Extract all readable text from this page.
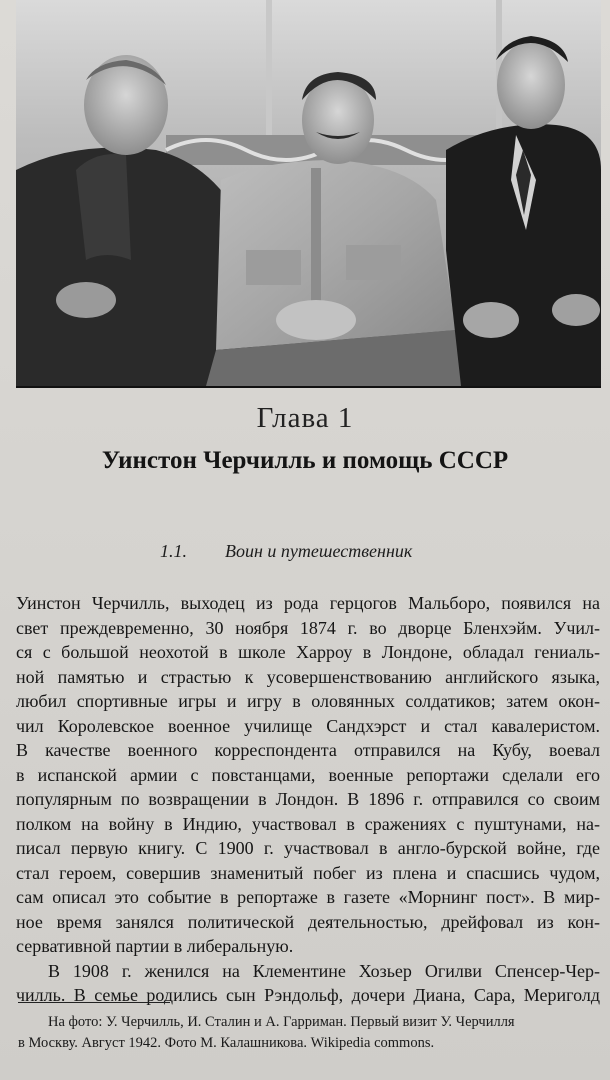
Глава 1
Уинстон Черчилль и помощь СССР
1.1. Воин и путешественник
Уинстон Черчилль, выходец из рода герцогов Мальборо, появился на
свет преждевременно, 30 ноября 1874 г. во дворце Бленхэйм. Учил-
ся с большой неохотой в школе Харроу в Лондоне, обладал гениаль-
ной памятью и страстью к усовершенствованию английского языка,
любил спортивные игры и игру в оловянных солдатиков; затем окон-
чил Королевское военное училище Сандхэрст и стал кавалеристом.
В качестве военного корреспондента отправился на Кубу, воевал
в испанской армии с повстанцами, военные репортажи сделали его
популярным по возвращении в Лондон. В 1896 г. отправился со своим
полком на войну в Индию, участвовал в сражениях с пуштунами, на-
писал первую книгу. С 1900 г. участвовал в англо-бурской войне, где
стал героем, совершив знаменитый побег из плена и спасшись чудом,
сам описал это событие в репортаже в газете «Морнинг пост». В мир-
ное время занялся политической деятельностью, дрейфовал из кон-
сервативной партии в либеральную.
В 1908 г. женился на Клементине Хозьер Огилви Спенсер-Чер-
чилль. В семье родились сын Рэндольф, дочери Диана, Сара, Мериголд
На фото: У. Черчилль, И. Сталин и А. Гарриман. Первый визит У. Черчилля
в Москву. Август 1942. Фото М. Калашникова. Wikipedia commons.
